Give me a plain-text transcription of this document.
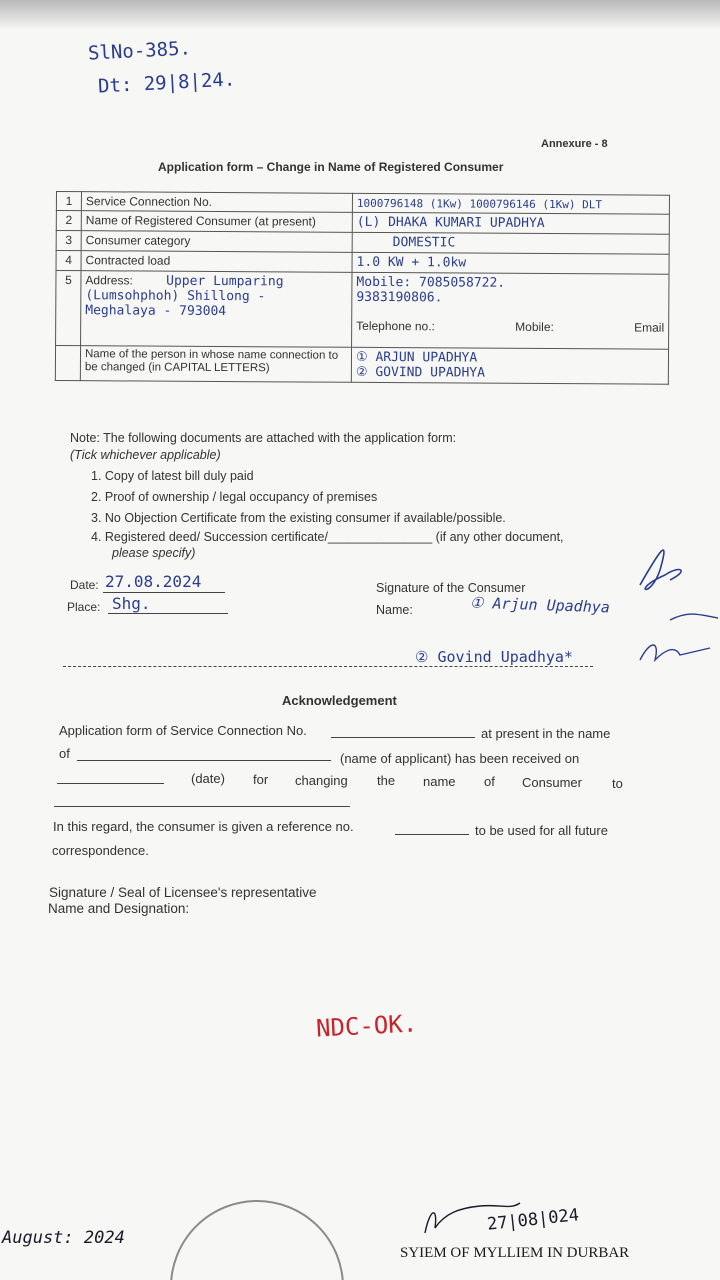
SlNo-385.
Dt: 29|8|24.
Annexure - 8
Application form – Change in Name of Registered Consumer
1	Service Connection No.	1000796148 (1Kw) 1000796146 (1Kw) DLT
2	Name of Registered Consumer (at present)	(L) DHAKA KUMARI UPADHYA
3	Consumer category	DOMESTIC
4	Contracted load	1.0 KW + 1.0kw
5	Address: Upper Lumparing
(Lumsohphoh) Shillong -
Meghalaya - 793004	Mobile: 7085058722.
9383190806.

Telephone no.: Mobile: Email

	Name of the person in whose name connection to be changed (in CAPITAL LETTERS)	① ARJUN UPADHYA
② GOVIND UPADHYA
Note: The following documents are attached with the application form:
(Tick whichever applicable)
1. Copy of latest bill duly paid
2. Proof of ownership / legal occupancy of premises
3. No Objection Certificate from the existing consumer if available/possible.
4. Registered deed/ Succession certificate/_______________ (if any other document,
please specify)
Date: 27.08.2024
Place: Shg.
Signature of the Consumer
Name:	① Arjun Upadhya
② Govind Upadhya*
Acknowledgement
Application form of Service Connection No.	at present in the name
of	(name of applicant) has been received on
(date) for changing the name of Consumer to
In this regard, the consumer is given a reference no.	to be used for all future
correspondence.
Signature / Seal of Licensee's representative
Name and Designation:
NDC-OK.
August: 2024
27|08|024
SYIEM OF MYLLIEM IN DURBAR
